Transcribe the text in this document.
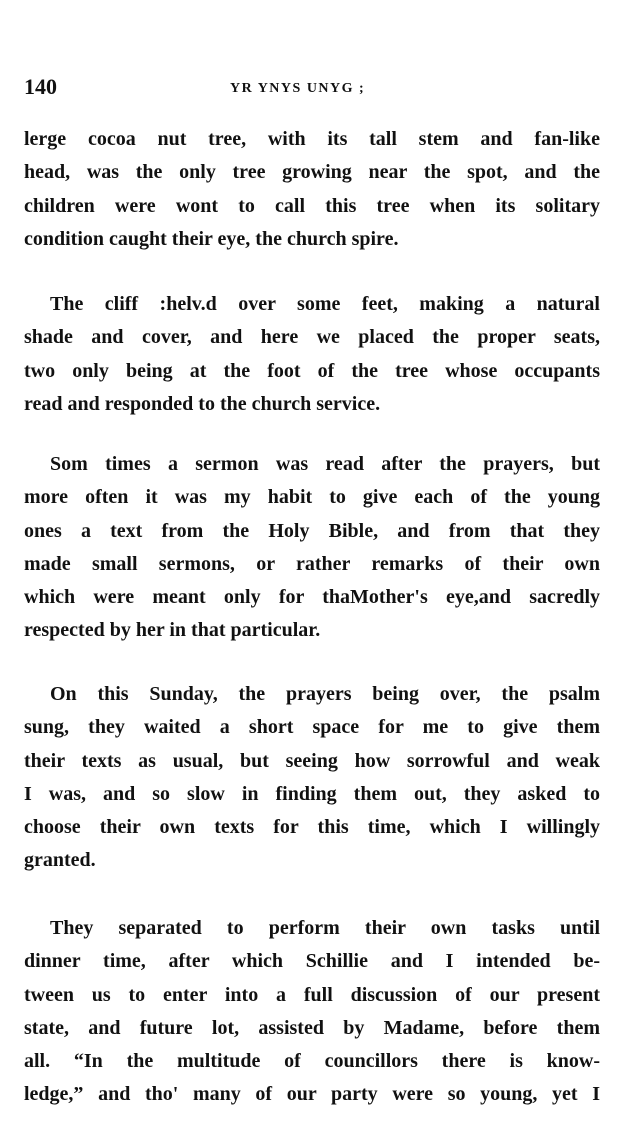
140	YR YNYS UNYG ;
lerge cocoa nut tree, with its tall stem and fan-like
head, was the only tree growing near the spot, and the
children were wont to call this tree when its solitary
condition caught their eye, the church spire.
The cliff :helv.d over some feet, making a natural
shade and cover, and here we placed the proper seats,
two only being at the foot of the tree whose occupants
read and responded to the church service.
Som times a sermon was read after the prayers, but
more often it was my habit to give each of the young
ones a text from the Holy Bible, and from that they
made small sermons, or rather remarks of their own
which were meant only for thaMother's eye,and sacredly
respected by her in that particular.
On this Sunday, the prayers being over, the psalm
sung, they waited a short space for me to give them
their texts as usual, but seeing how sorrowful and weak
I was, and so slow in finding them out, they asked to
choose their own texts for this time, which I willingly
granted.
They separated to perform their own tasks until
dinner time, after which Schillie and I intended be-
tween us to enter into a full discussion of our present
state, and future lot, assisted by Madame, before them
all. “In the multitude of councillors there is know-
ledge,” and tho' many of our party were so young, yet I
